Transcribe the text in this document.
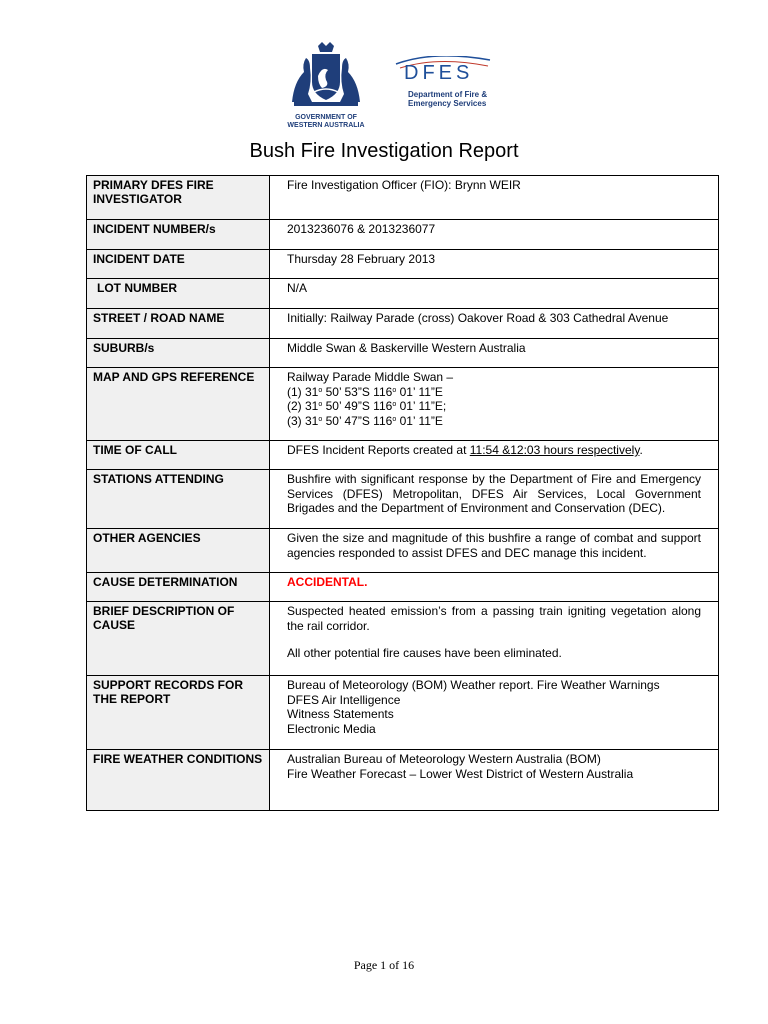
GOVERNMENT OF
WESTERN AUSTRALIA
DFES
Department of Fire &
Emergency Services
Bush Fire Investigation Report
PRIMARY DFES FIRE INVESTIGATOR	Fire Investigation Officer (FIO): Brynn WEIR
INCIDENT NUMBER/s	2013236076 & 2013236077
INCIDENT DATE	Thursday 28 February 2013
LOT NUMBER	N/A
STREET / ROAD NAME	Initially: Railway Parade (cross) Oakover Road & 303 Cathedral Avenue
SUBURB/s	Middle Swan & Baskerville Western Australia
MAP AND GPS REFERENCE	Railway Parade Middle Swan –
(1) 31$^o$ 50’ 53”S 116$^o$ 01’ 11”E
(2) 31$^o$ 50’ 49”S 116$^o$ 01’ 11”E;
(3) 31$^o$ 50’ 47”S 116$^o$ 01’ 11”E

TIME OF CALL	DFES Incident Reports created at 11:54 &12:03 hours respectively.
STATIONS ATTENDING	Bushfire with significant response by the Department of Fire and Emergency Services (DFES) Metropolitan, DFES Air Services, Local Government Brigades and the Department of Environment and Conservation (DEC).
OTHER AGENCIES	Given the size and magnitude of this bushfire a range of combat and support agencies responded to assist DFES and DEC manage this incident.
CAUSE DETERMINATION	ACCIDENTAL.
BRIEF DESCRIPTION OF CAUSE	Suspected heated emission’s from a passing train igniting vegetation along the rail corridor.
All other potential fire causes have been eliminated.

SUPPORT RECORDS FOR THE REPORT	Bureau of Meteorology (BOM) Weather report. Fire Weather Warnings
DFES Air Intelligence
Witness Statements
Electronic Media

FIRE WEATHER CONDITIONS	Australian Bureau of Meteorology Western Australia (BOM)
Fire Weather Forecast – Lower West District of Western Australia
Page 1 of 16
